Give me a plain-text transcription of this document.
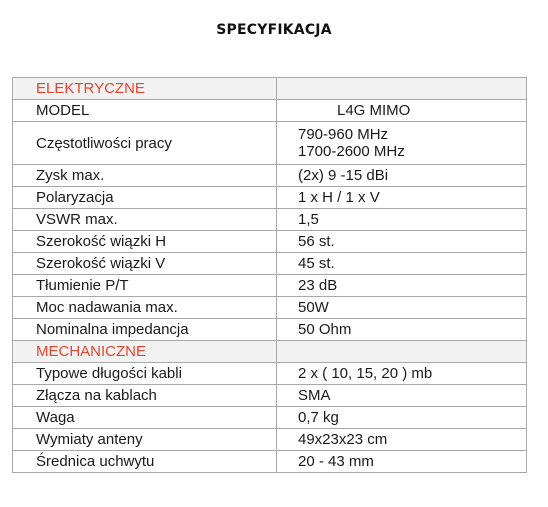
SPECYFIKACJA
ELEKTRYCZNE	
MODEL	L4G MIMO
Częstotliwości pracy	790-960 MHz
1700-2600 MHz

Zysk max.	(2x) 9 -15 dBi
Polaryzacja	1 x H / 1 x V
VSWR max.	1,5
Szerokość wiązki H	56 st.
Szerokość wiązki V	45 st.
Tłumienie P/T	23 dB
Moc nadawania max.	50W
Nominalna impedancja	50 Ohm
MECHANICZNE	
Typowe długości kabli	2 x ( 10, 15, 20 ) mb
Złącza na kablach	SMA
Waga	0,7 kg
Wymiaty anteny	49x23x23 cm
Średnica uchwytu	20 - 43 mm
